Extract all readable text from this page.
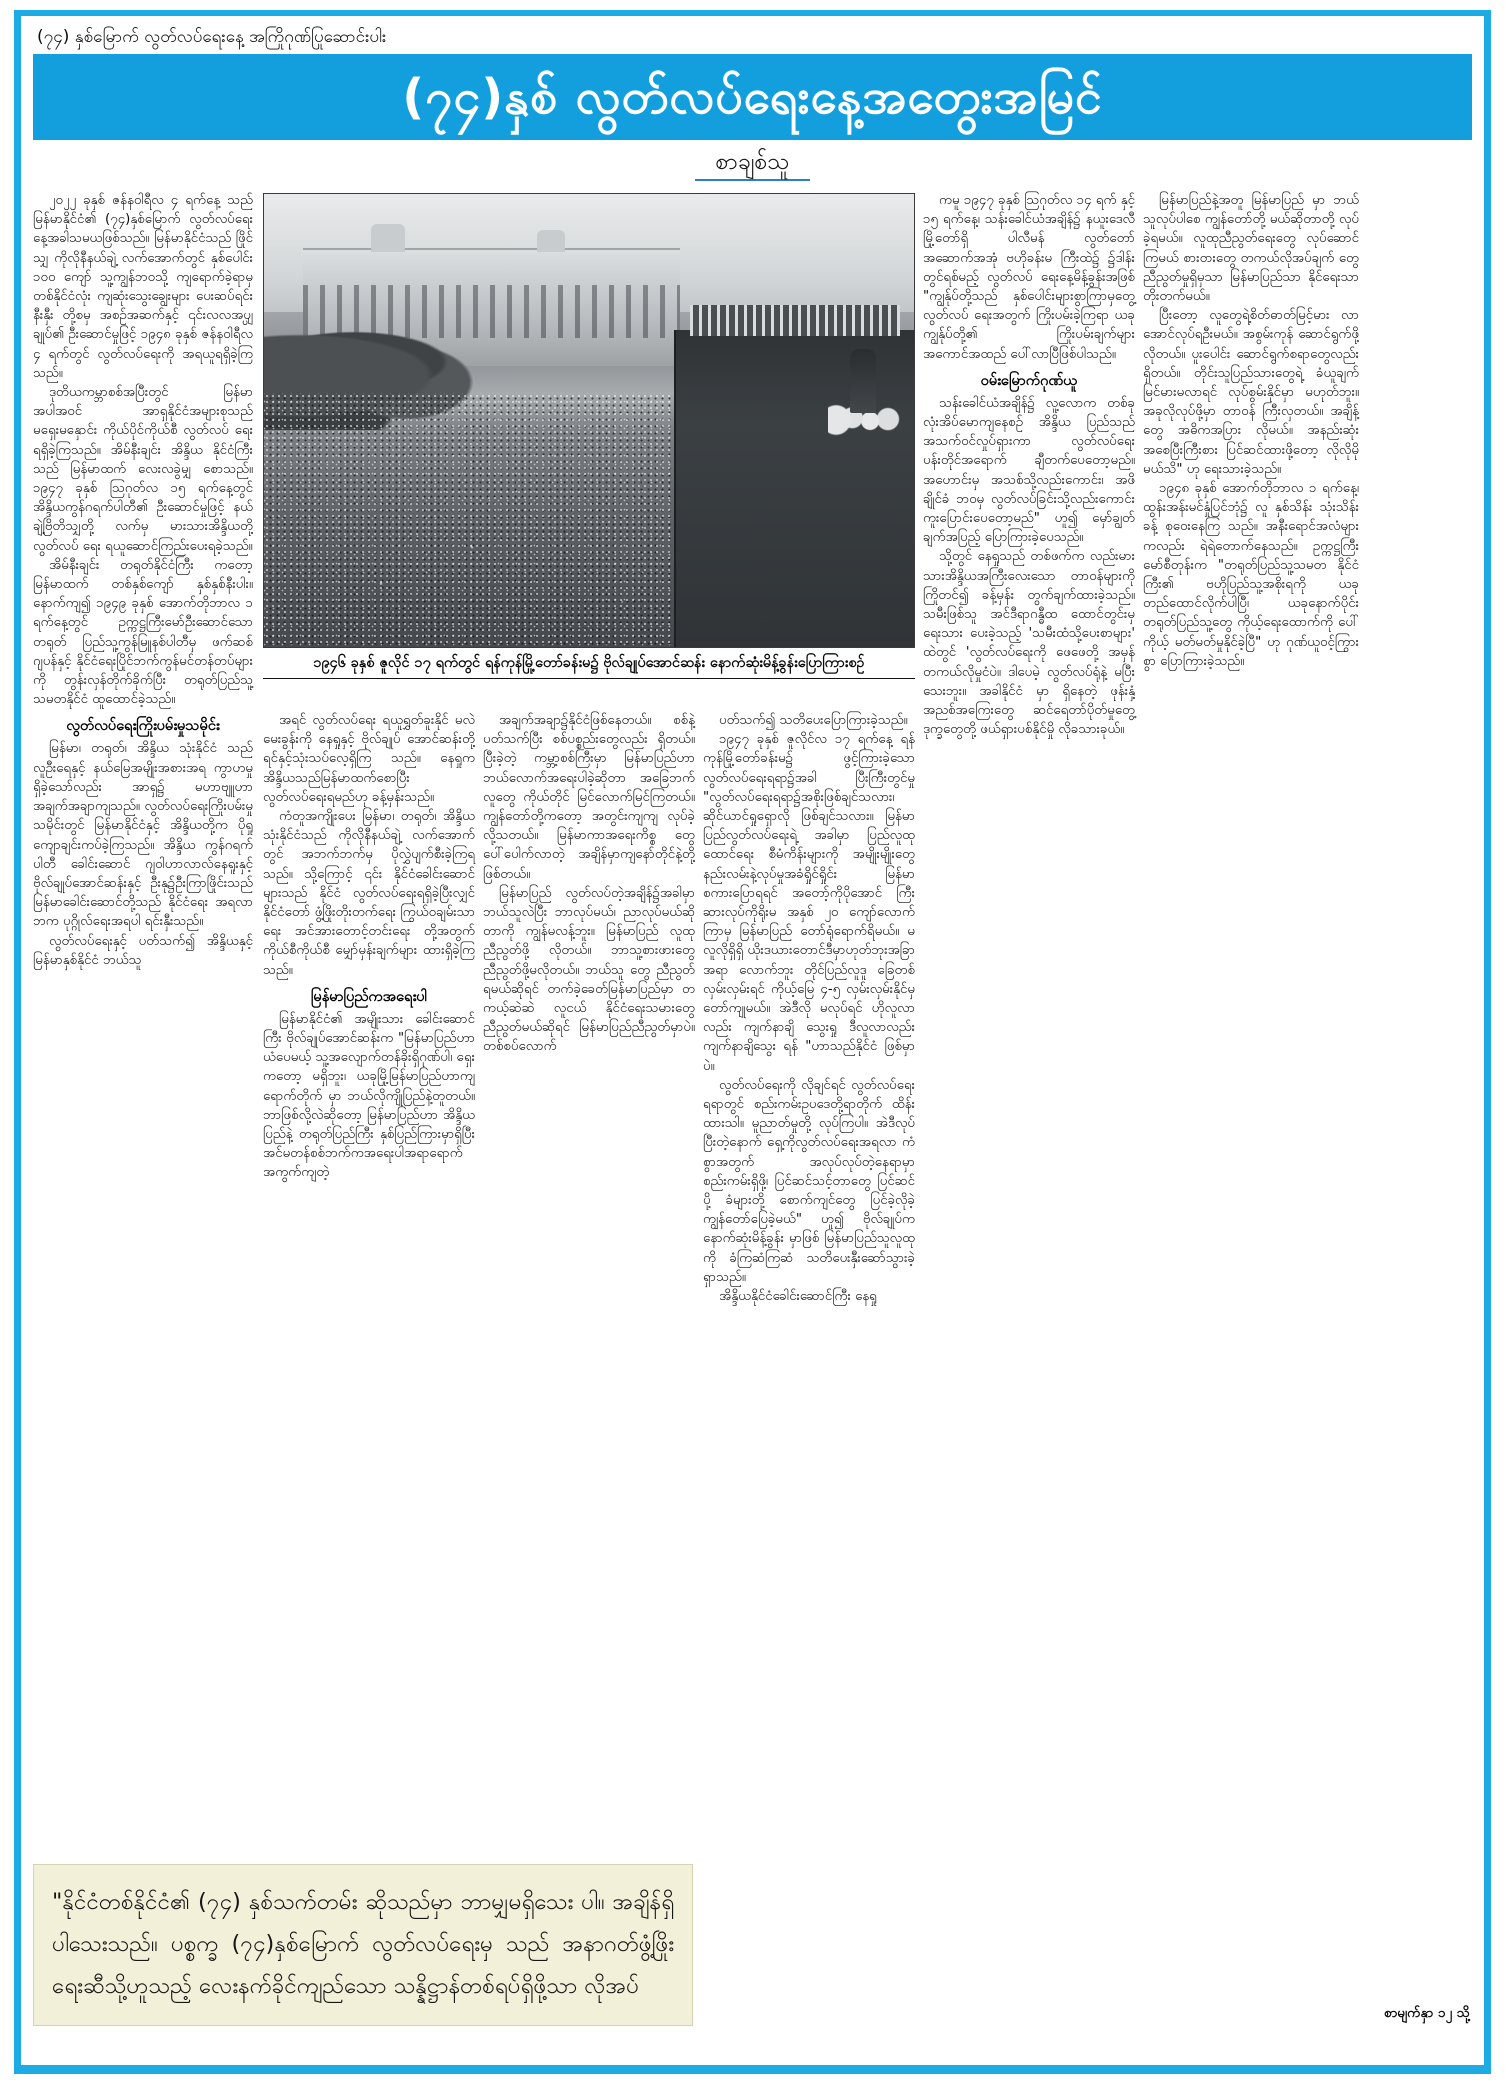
(၇၄) နှစ်မြောက် လွတ်လပ်ရေးနေ့ အကြိုဂုဏ်ပြုဆောင်းပါး
(၇၄)နှစ် လွတ်လပ်ရေးနေ့အတွေးအမြင်
စာချစ်သူ

၂၀၂၂ ခုနှစ် ဇန်နဝါရီလ ၄ ရက်နေ့ သည် မြန်မာနိုင်ငံ၏ (၇၄)နှစ်မြောက် လွတ်လပ်ရေးနေ့အခါသမယဖြစ်သည်။ မြန်မာနိုင်ငံသည် ဖြိုင်သျှ ကိုလိုနီနယ်ချဲ့ လက်အောက်တွင် နှစ်ပေါင်း ၁၀၀ ကျော် သူ့ကျွန်ဘဝသို့ ကျရောက်ခဲ့ရာမှ တစ်နိုင်ငံလုံး ကျဆုံးသွေးချွေးများ ပေးဆပ်ရင်းနီးနှီး တို့စမှ အစဉ်အဆက်နှင့် ၎င်းလလအပ္ပျချုပ်၏ ဦးဆောင်မှုဖြင့် ၁၉၄၈ ခုနှစ် ဇန်နဝါရီလ ၄ ရက်တွင် လွတ်လပ်ရေးကို အရယူရရှိခဲ့ကြသည်။

ဒုတိယကမ္ဘာစစ်အပြီးတွင် မြန်မာ အပါအဝင် အာရှနိုင်ငံအများစုသည် မရှေးမနှောင်း ကိုယ်ပိုင်ကိုယ်စီ လွတ်လပ် ရေးရရှိခဲ့ကြသည်။ အိမ်နီးချင်း အိန္ဒိယ နိုင်ငံကြီးသည် မြန်မာထက် လေးလခွဲမျှ စောသည်။ ၁၉၄၇ ခုနှစ် ဩဂုတ်လ ၁၅ ရက်နေ့တွင် အိန္ဒိယကွန်ဂရက်ပါတီ၏ ဦးဆောင်မှုဖြင့် နယ်ချဲ့ဗြိတိသျှတို့ လက်မှ မားသားအိန္ဒိယတို့ လွတ်လပ် ရေး ရယူဆောင်ကြည်းပေးရခဲ့သည်။

အိမ်နီးချင်း တရုတ်နိုင်ငံကြီး ကတော့ မြန်မာထက် တစ်နှစ်ကျော် နှစ်နှစ်နီးပါး။ နောက်ကျ၍ ၁၉၄၉ ခုနှစ် အောက်တိုဘာလ ၁ ရက်နေ့တွင် ဥက္ကဋ္ဌကြီးမော်ဦးဆောင်သော တရုတ် ပြည်သူ့ကွန်မြူနစ်ပါတီမှ ဖက်ဆစ် ဂျပန်နှင့် နိုင်ငံရေးပြိုင်ဘက်ကွန်မင်တန်တပ်များကို တွန်းလှန်တိုက်ခိုက်ပြီး တရုတ်ပြည်သူ့သမတနိုင်ငံ ထူထောင်ခဲ့သည်။

လွတ်လပ်ရေးကြိုးပမ်းမှုသမိုင်း

မြန်မာ၊ တရုတ်၊ အိန္ဒိယ သုံးနိုင်ငံ သည် လူဦးရေနှင့် နယ်မြေအမျိုးအစားအရ ကွာဟမှုရှိခဲ့သော်လည်း အာရှ၌ မဟာဗျူဟာ အချက်အချာကျသည်။ လွတ်လပ်ရေးကြိုးပမ်းမှု သမိုင်းတွင် မြန်မာနိုင်ငံနှင့် အိန္ဒိယတို့က ပိုရှုကျောချင်းကပ်ခဲ့ကြသည်။ အိန္ဒိယ ကွန်ဂရက်ပါတီ ခေါင်းဆောင် ဂျဝါဟာလာလ်နေရူးနှင့် ဗိုလ်ချုပ်အောင်ဆန်းနှင့် ဦးနု၌ဦးကြာဖြိုင်းသည် မြန်မာခေါင်းဆောင်တို့သည် နိုင်ငံရေး အရလာဘက ပုဂ္ဂိုလ်ရေးအရပါ ရင်းနှီးသည်။

လွတ်လပ်ရေးနှင့် ပတ်သက်၍ အိန္ဒိယနှင့်မြန်မာနှစ်နိုင်ငံ ဘယ်သူ

၁၉၄၆ ခုနှစ် ဇူလိုင် ၁၇ ရက်တွင် ရန်ကုန်မြို့တော်ခန်းမ၌ ဗိုလ်ချုပ်အောင်ဆန်း နောက်ဆုံးမိန့်ခွန်းပြောကြားစဉ်

အရင် လွတ်လပ်ရေး ရယူရွှတ်ခူးနိုင် မလဲ မေးခွန်းကို နေရှုနှင့် ဗိုလ်ချုပ် အောင်ဆန်းတို့ ရင်နှင့်သုံးသပ်လေ့ရှိကြ သည်။ နေရှုကအိန္ဒိယသည်မြန်မာထက်စောပြီး လွတ်လပ်ရေးရမည်ဟု ခန့်မှန်းသည်။

ကံတူအကျိုးပေး မြန်မာ၊ တရုတ်၊ အိန္ဒိယ သုံးနိုင်ငံသည် ကိုလိုနီနယ်ချဲ့ လက်အောက်တွင် အဘက်ဘက်မှ ပိုလွှဲပျက်စီးခဲ့ကြရသည်။ သို့ကြောင့် ၎င်း နိုင်ငံခေါင်းဆောင်များသည် နိုင်ငံ လွတ်လပ်ရေးရရှိခဲ့ပြီးလျှင် နိုင်ငံတော် ဖွံ့ဖြိုးတိုးတက်ရေး ကြွယ်ဝချမ်းသာရေး အင်အားတောင့်တင်းရေး တို့အတွက် ကိုယ်စီကိုယ်စီ မျှော်မှန်းချက်များ ထားရှိခဲ့ကြသည်။

မြန်မာပြည်ကအရေးပါ

မြန်မာနိုင်ငံ၏ အမျိုးသား ခေါင်းဆောင်ကြီး ဗိုလ်ချုပ်အောင်ဆန်းက "မြန်မာပြည်ဟာ ယံပေမယ့် သူ့အလျောက်တန်ခိုးရှိဂုဏ်ပါ၊ ရှေးကတော့ မရှိဘူး၊ ယခုမြို့မြန်မာပြည်ဟာကျရောက်တိုက် မှာ ဘယ်လိုကျိုပြည်နဲ့တူတယ်။ ဘာဖြစ်လို့လဲဆိုတော့ မြန်မာပြည်ဟာ အိန္ဒိယပြည်နဲ့ တရုတ်ပြည်ကြီး နှစ်ပြည်ကြားမှာရှိပြီး အင်မတန်စစ်ဘက်ကအရေးပါအရာရောက် အကွက်ကျတဲ့

အချက်အချာ၌နိုင်ငံဖြစ်နေတယ်။ စစ်နဲ့ ပတ်သက်ပြီး စစ်ပစ္စည်းတွေလည်း ရှိတယ်။ ပြီးခဲ့တဲ့ ကမ္ဘာ့စစ်ကြီးမှာ မြန်မာပြည်ဟာ ဘယ်လောက်အရေးပါခဲ့ဆိုတာ အခြေဘက်လူတွေ ကိုယ်တိုင် မြင်လောက်မြင်ကြတယ်။ ကျွန်တော်တို့ကတော့ အတွင်းကျကျ လုပ်ခဲ့လို့သတယ်။ မြန်မာကာအရေးကိစ္စ တွေ ပေါ်ပေါက်လာတဲ့ အချိန်မှာကျနော်တိုင်နဲ့တို့ဖြစ်တယ်။

မြန်မာပြည် လွတ်လပ်တဲ့အချိန်၌အခါမှာ ဘယ်သူလဲပြီး ဘာလုပ်မယ်၊ ညာလုပ်မယ်ဆိုတာကို ကျွန်မလန့်ဘူး။ မြန်မာပြည် လူထုညီညွတ်ဖို့ လိုတယ်။ ဘာသူ့စားဖားတွေ ညီညွတ်ဖို့မလိုတယ်။ ဘယ်သူ တွေ ညီညွတ်ရမယ်ဆိုရင် တက်ခဲ့ခေတ်မြန်မာပြည်မှာ တကယ့်ဆဲဆဲ လူငယ် နိုင်ငံရေးသမားတွေ ညီညွတ်မယ်ဆိုရင် မြန်မာပြည်ညီညွတ်မှာပဲ။ တစ်စပ်လောက်

ပတ်သက်၍ သတိပေးပြောကြားခဲ့သည်။

၁၉၄၇ ခုနှစ် ဇူလိုင်လ ၁၇ ရက်နေ့ ရန်ကုန်မြို့တော်ခန်းမ၌ ဖွင့်ကြားခဲ့သော လွတ်လပ်ရေးရရာ၌အခါ ပြီးကြီးတွင်မှု "လွတ်လပ်ရေးရရာ၌အစိုးဖြစ်ချင်သလား၊ ဆိုင်ယာင်ရှုရှောလို ဖြစ်ချင်သလား။ မြန်မာပြည်လွတ်လပ်ရေးရဲ့ အခါမှာ ပြည်လူထုထောင်ရေး စီမံကိန်းများကို အမျိုးမျိုးတွေ နည်းလမ်းနဲ့လုပ်မှုအခံရှိုင်ရှိုင်း မြန်မာစကားပြောရရင် အတော့်ကိုပိုအောင် ကြီးဆားလုပ်ကိုရိုးမ အနှစ် ၂၀ ကျော်လောက်ကြာမှ မြန်မာပြည် တော်ရုံရောက်ရိမယ်။ မလူလိုရှိရှိ ယိုးဒယားတောင်ဒီမှာဟုတ်ဘုးအခြာ အရာ လောက်ဘူး တိုင်ပြည်လူဒူ ခြေတစ်လှမ်းလှမ်းရင် ကိုယ့်မြေ ၄-၅ လှမ်းလှမ်းနိုင်မှ တော်ကျုမယ်။ အဲဒီလို မလုပ်ရင် ဟိုလူလာလည်း ကျက်နာချိ သွေးရှု ဒီလူလာလည်း ကျက်နာချိသွေး ရန် "ဟာသည်နိုင်ငံ ဖြစ်မှာပဲ။

လွတ်လပ်ရေးကို လိုချင်ရင် လွတ်လပ်ရေးရရာတွင် စည်းကမ်းဥပဒေတို့ရာတိုက် ထိန်းထားသါ။ မူညာတ်မှုတို့ လုပ်ကြပါ။ အဲဒီလုပ်ပြီးတဲ့နောက် ရှေ့ကိုလွတ်လပ်ရေးအရလာ ကံစွာအတွက် အလုပ်လုပ်တဲ့နေရာမှာ စည်းကမ်းရှိဖို့၊ ပြင်ဆင်သင့်တာတွေ ပြင်ဆင်ပို့ ခံများတို့ စောက်ကျင်တွေ ပြင်ခဲ့လိုခဲ့ကျွန်တော်ပြေခဲ့မယ်" ဟူ၍ ဗိုလ်ချုပ်က နောက်ဆုံးမိန့်ခွန်း မှာဖြစ် မြန်မာပြည်သူလူထုကို ခံကြဆံကြဆံ သတိပေးနှီးဆော်သွားခဲ့ရှာသည်။

အိန္ဒိယနိုင်ငံခေါင်းဆောင်ကြီး နေရှု

ကမူ ၁၉၄၇ ခုနှစ် ဩဂုတ်လ ၁၄ ရက် နှင့် ၁၅ ရက်နေ့၊ သန်းခေါင်ယံအချိန်၌ နယူးဒေလီမြို့တော်ရှိ ပါလီမန် လွတ်တော်အဆောက်အအုံ ဗဟိုခန်းမ ကြီးထဲ၌ ၌ဒါန်းတွင်ရစ်မည့် လွတ်လပ် ရေးနေ့မိန့်ခွန်းအဖြစ် "ကျွန်ုပ်တို့သည် နှစ်ပေါင်းများစွာကြာမှတွေ့ လွတ်လပ် ရေးအတွက် ကြိုးပမ်းခဲ့ကြရာ ယခု ကျွန်ုပ်တို့၏ ကြိုးပမ်းချက်များ အကောင်အထည် ပေါ်လာပြီဖြစ်ပါသည်။

ဝမ်းမြောက်ဂုဏ်ယူ

သန်းခေါင်ယံအချိန်၌ လူ့လောက တစ်ခုလုံးအိပ်မောကျနေစဉ် အိန္ဒိယ ပြည်သည် အသက်ဝင်လှုပ်ရှားကာ လွတ်လပ်ရေး ပန်းတိုင်အရောက် ချီတက်ပေတော့မည်။ အဟောင်းမှ အသစ်သို့လည်းကောင်း၊ အဖိချိုင်ခံ ဘဝမှ လွတ်လပ်ခြင်းသို့လည်းကောင်း ကူးပြောင်းပေတော့မည်" ဟူ၍ မှော်ချွတ်ချက်အပြည့် ပြောကြားခဲ့ပေသည်။

သို့တွင် နေရှုသည် တစ်ဖက်က လည်းမားသားအိန္ဒိယအကြီးလေးသော တာဝန်များကို ကြိုတင်၍ ခန့်မှန်း တွက်ချက်ထားခဲ့သည်။ သမီးဖြစ်သူ အင်ဒီရာဂန္ဓီထ ထောင်တွင်းမှ ရေးသား ပေးခဲ့သည့် 'သမီးထံသို့ပေးစာများ' ထဲတွင် 'လွတ်လပ်ရေးကို ဖေဖေတို့ အမှန်တကယ်လိုမှုငံပဲ။ ဒါပေမဲ့ လွတ်လပ်ရုံနဲ့ မပြီးသေးဘူး။ အခါနိုင်ငံ မှာ ရှိနေတဲ့ ဖုန်းနှံ့အညစ်အကြေးတွေ ဆင်ရေတာ်ပိုတ်မှုတွေ့ ဒုက္ခတွေတို့ ဖယ်ရှားပစ်နိုင်မှို လိုခသားခုယ်။

မြန်မာပြည်နဲ့အတူ မြန်မာပြည် မှာ ဘယ်သူလုပ်ပါစေ ကျွန်တော်တို့ မယ်ဆိုတာတို့ လုပ်ခဲ့ရမယ်။ လူထုညီညွတ်ရေးတွေ လုပ်ဆောင်ကြမယ် စားဝားတွေ တကယ်လိုအပ်ချက် တွေ ညီညွတ်မှုရှိမှသာ မြန်မာပြည်သာ နိုင်ရေးသာတိုးတက်မယ်။

ပြီးတော့ လူတွေရဲ့စိတ်ဓာတ်မြင့်မား လာအောင်လုပ်ရဦးမယ်။ အစွမ်းကုန် ဆောင်ရွက်ဖို့လိုတယ်။ ပူးပေါင်း ဆောင်ရွက်စရာတွေလည်း ရှိတယ်။ တိုင်းသူပြည်သားတွေရဲ့ ခံယူချက် မြင်မားမလာရင် လုပ်စွမ်းနိုင်မှာ မဟုတ်ဘူး။ အခုလိုလုပ်ဖို့မှာ တာဝန် ကြီးလှတယ်။ အချိန့်တွေ အဓိကအပြား လိုမယ်။ အနည်းဆုံး အစေပြီးကြီးစား ပြင်ဆင်ထားဖို့တော့ လိုလိုမိုမယ်သိ" ဟု ရေးသားခဲ့သည်။

၁၉၄၈ ခုနှစ် အောက်တိုဘာလ ၁ ရက်နေ့၊ ထွန်းအန်းမင်နှုံပြင်ဘုံ၌ လူ နှစ်သိန်း သုံးသိန်းခန့် စုဝေးနေကြ သည်။ အနီးရောင်အလံများကလည်း ရဲရဲတောက်နေသည်။ ဥက္ကဋ္ဌကြီး မော်စီတုန်းက "တရုတ်ပြည်သူ့သမတ နိုင်ငံကြီး၏ ဗဟိုပြည်သူ့အစိုးရကို ယခု တည်ထောင်လိုက်ပါပြီ၊ ယခုနောက်ပိုင်း တရုတ်ပြည်သူ့တွေ ကိုယ့်ရေးထောက်ကို ပေါ်ကိုယ့် မတ်မတ်မှုနိုင်ခဲ့ပြီ" ဟု ဂုဏ်ယူဝင့်ကြွားစွာ ပြောကြားခဲ့သည်။

"နိုင်ငံတစ်နိုင်ငံ၏ (၇၄) နှစ်သက်တမ်း ဆိုသည်မှာ ဘာမျှမရှိသေး ပါ။ အချိန်ရှိပါသေးသည်။ ပစ္စက္ခ (၇၄)နှစ်မြောက် လွတ်လပ်ရေးမှ သည် အနာဂတ်ဖွံ့ဖြိုးရေးဆီသို့ဟူသည့် လေးနက်ခိုင်ကျည်သော သန္နိဋ္ဌာန်တစ်ရပ်ရှိဖို့သာ လိုအပ်
စာမျက်နှာ ၁၂ သို့
